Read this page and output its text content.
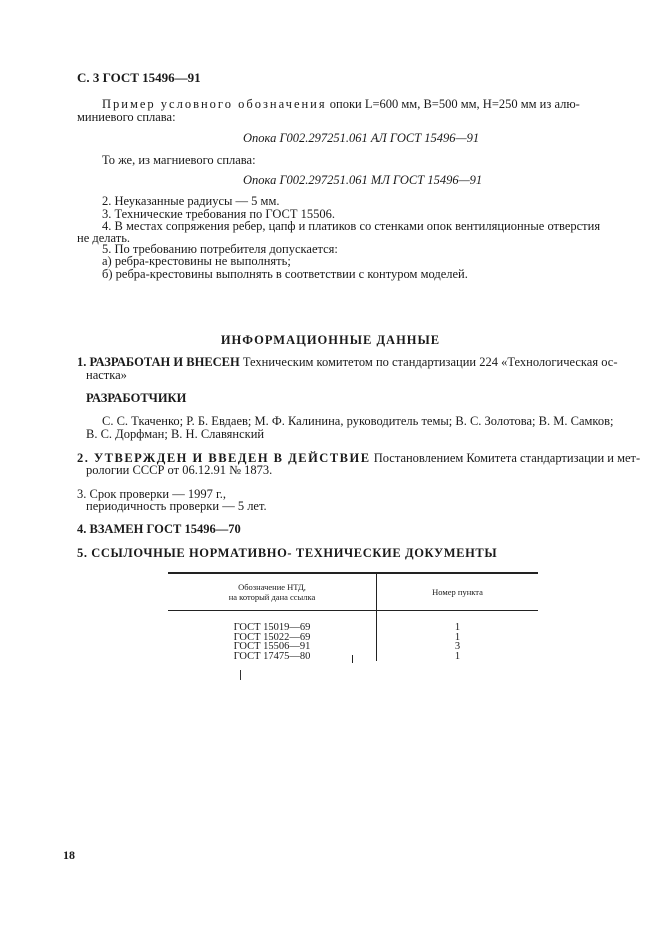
С. 3 ГОСТ 15496—91
Пример условного обозначения опоки L=600 мм, B=500 мм, H=250 мм из алю-
миниевого сплава:
Опока Г002.297251.061 АЛ ГОСТ 15496—91
То же, из магниевого сплава:
Опока Г002.297251.061 МЛ ГОСТ 15496—91
2. Неуказанные радиусы — 5 мм.
3. Технические требования по ГОСТ 15506.
4. В местах сопряжения ребер, цапф и платиков со стенками опок вентиляционные отверстия
не делать.
5. По требованию потребителя допускается:
а) ребра-крестовины не выполнять;
б) ребра-крестовины выполнять в соответствии с контуром моделей.
ИНФОРМАЦИОННЫЕ ДАННЫЕ
1. РАЗРАБОТАН И ВНЕСЕН Техническим комитетом по стандартизации 224 «Технологическая ос-
настка»
РАЗРАБОТЧИКИ
С. С. Ткаченко; Р. Б. Евдаев; М. Ф. Калинина, руководитель темы; В. С. Золотова; В. М. Самков;
В. С. Дорфман; В. Н. Славянский
2. УТВЕРЖДЕН И ВВЕДЕН В ДЕЙСТВИЕ Постановлением Комитета стандартизации и мет-
рологии СССР от 06.12.91 № 1873.
3. Срок проверки — 1997 г.,
периодичность проверки — 5 лет.
4. ВЗАМЕН ГОСТ 15496—70
5. ССЫЛОЧНЫЕ НОРМАТИВНО- ТЕХНИЧЕСКИЕ ДОКУМЕНТЫ
Обозначение НТД,
на который дана ссылка	Номер пункта
ГОСТ 15019—69	1
ГОСТ 15022—69	1
ГОСТ 15506—91	3
ГОСТ 17475—80	1
18
